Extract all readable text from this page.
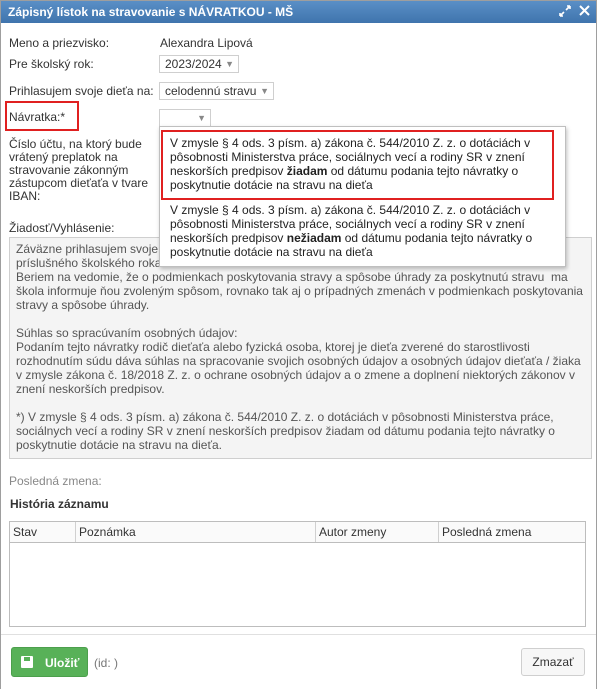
Zápisný lístok na stravovanie s NÁVRATKOU - MŠ
Meno a priezvisko:	Alexandra Lipová
Pre školský rok:	2023/2024 ▼
Prihlasujem svoje dieťa na: celodennú stravu ▼
Návratka:*	▼
Číslo účtu, na ktorý bude
vrátený preplatok na
stravovanie zákonným
zástupcom dieťaťa v tvare
IBAN:
Žiadosť/Vyhlásenie:
Záväzne prihlasujem svoje d... ...stravníka, za ktorý zodpovedá príslušného školského roka... ...nie stanovené zariadením. Beriem na vedomie, že o podmienkach poskytovania stravy a spôsobe úhrady za poskytnutú stravu ma škola informuje ňou zvoleným spôsom, rovnako tak aj o prípadných zmenách v podmienkach poskytovania stravy a spôsobe úhrady. Súhlas so spracúvaním osobných údajov: Podaním tejto návratky rodič dieťaťa alebo fyzická osoba, ktorej je dieťa zverené do starostlivosti rozhodnutím súdu dáva súhlas na spracovanie svojich osobných údajov a osobných údajov dieťaťa / žiaka v zmysle zákona č. 18/2018 Z. z. o ochrane osobných údajov a o zmene a doplnení niektorých zákonov v znení neskorších predpisov. *) V zmysle § 4 ods. 3 písm. a) zákona č. 544/2010 Z. z. o dotáciách v pôsobnosti Ministerstva práce, sociálnych vecí a rodiny SR v znení neskorších predpisov žiadam od dátumu podania tejto návratky o poskytnutie dotácie na stravu na dieťa.
Posledná zmena:
História záznamu
Stav	Poznámka	Autor zmeny	Posledná zmena
Uložiť (id: )	Zmazať
V zmysle § 4 ods. 3 písm. a) zákona č. 544/2010 Z. z. o dotáciách v pôsobnosti Ministerstva práce, sociálnych vecí a rodiny SR v znení neskorších predpisov žiadam od dátumu podania tejto návratky o poskytnutie dotácie na stravu na dieťa
V zmysle § 4 ods. 3 písm. a) zákona č. 544/2010 Z. z. o dotáciách v pôsobnosti Ministerstva práce, sociálnych vecí a rodiny SR v znení neskorších predpisov nežiadam od dátumu podania tejto návratky o poskytnutie dotácie na stravu na dieťa
